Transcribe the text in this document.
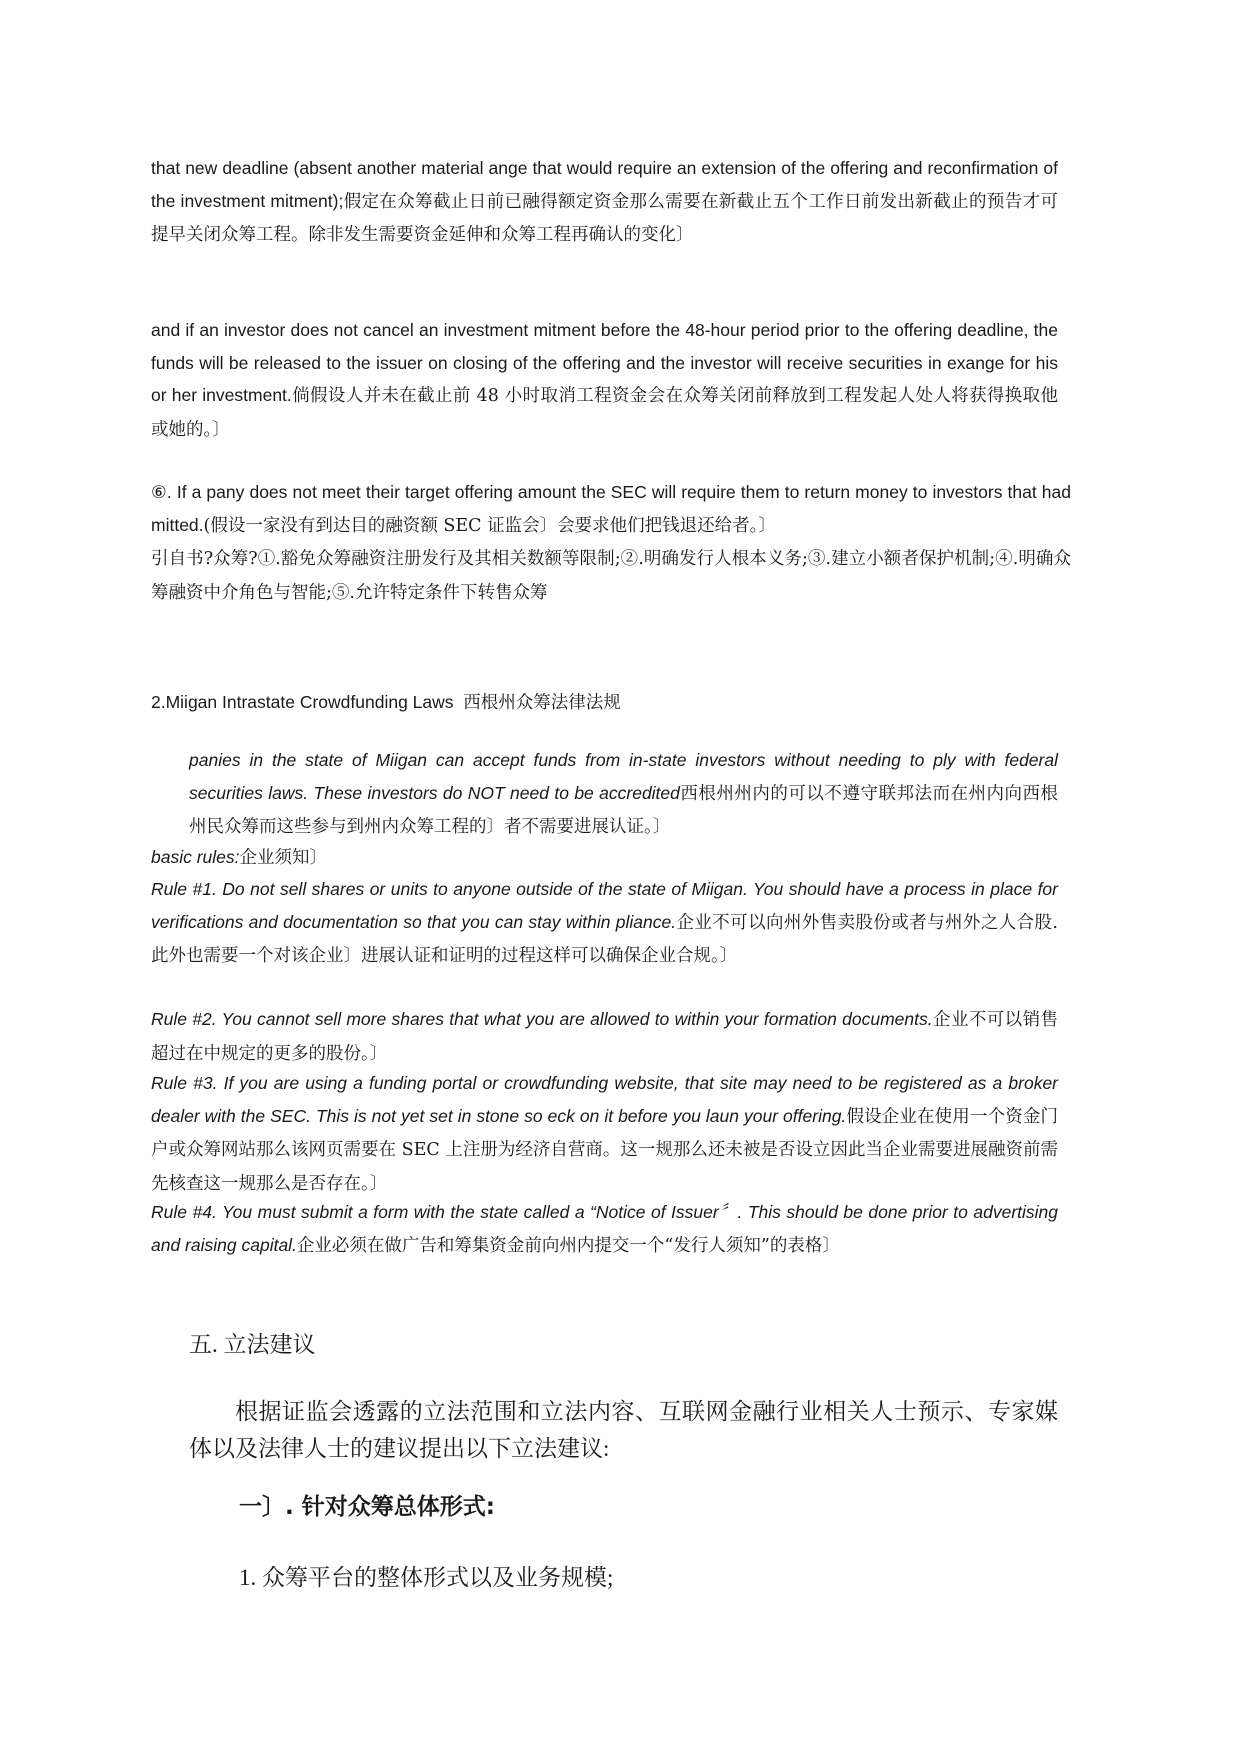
that new deadline (absent another material ange that would require an extension of the offering and reconfirmation of the investment mitment);假定在众筹截止日前已融得额定资金那么需要在新截止五个工作日前发出新截止的预告才可提早关闭众筹工程。除非发生需要资金延伸和众筹工程再确认的变化〕

and if an investor does not cancel an investment mitment before the 48-hour period prior to the offering deadline, the funds will be released to the issuer on closing of the offering and the investor will receive securities in exange for his or her investment.倘假设人并未在截止前 48 小时取消工程资金会在众筹关闭前释放到工程发起人处人将获得换取他或她的。〕

⑥. If a pany does not meet their target offering amount the SEC will require them to return money to investors that had mitted.(假设一家没有到达目的融资额 SEC 证监会〕会要求他们把钱退还给者。〕
引自书?众筹?①.豁免众筹融资注册发行及其相关数额等限制;②.明确发行人根本义务;③.建立小额者保护机制;④.明确众筹融资中介角色与智能;⑤.允许特定条件下转售众筹

2.Miigan Intrastate Crowdfunding Laws 西根州众筹法律法规

panies in the state of Miigan can accept funds from in-state investors without needing to ply with federal securities laws. These investors do NOT need to be accredited西根州州内的可以不遵守联邦法而在州内向西根州民众筹而这些参与到州内众筹工程的〕者不需要进展认证。〕

basic rules:企业须知〕

Rule #1. Do not sell shares or units to anyone outside of the state of Miigan. You should have a process in place for verifications and documentation so that you can stay within pliance.企业不可以向州外售卖股份或者与州外之人合股.此外也需要一个对该企业〕进展认证和证明的过程这样可以确保企业合规。〕

Rule #2. You cannot sell more shares that what you are allowed to within your formation documents.企业不可以销售超过在中规定的更多的股份。〕

Rule #3. If you are using a funding portal or crowdfunding website, that site may need to be registered as a broker dealer with the SEC. This is not yet set in stone so eck on it before you laun your offering.假设企业在使用一个资金门户或众筹网站那么该网页需要在 SEC 上注册为经济自营商。这一规那么还未被是否设立因此当企业需要进展融资前需先核查这一规那么是否存在。〕

Rule #4. You must submit a form with the state called a “Notice of Issuer〞. This should be done prior to advertising and raising capital.企业必须在做广告和筹集资金前向州内提交一个“发行人须知”的表格〕

五. 立法建议

根据证监会透露的立法范围和立法内容、互联网金融行业相关人士预示、专家媒体以及法律人士的建议提出以下立法建议:

一〕. 针对众筹总体形式:

1. 众筹平台的整体形式以及业务规模;
